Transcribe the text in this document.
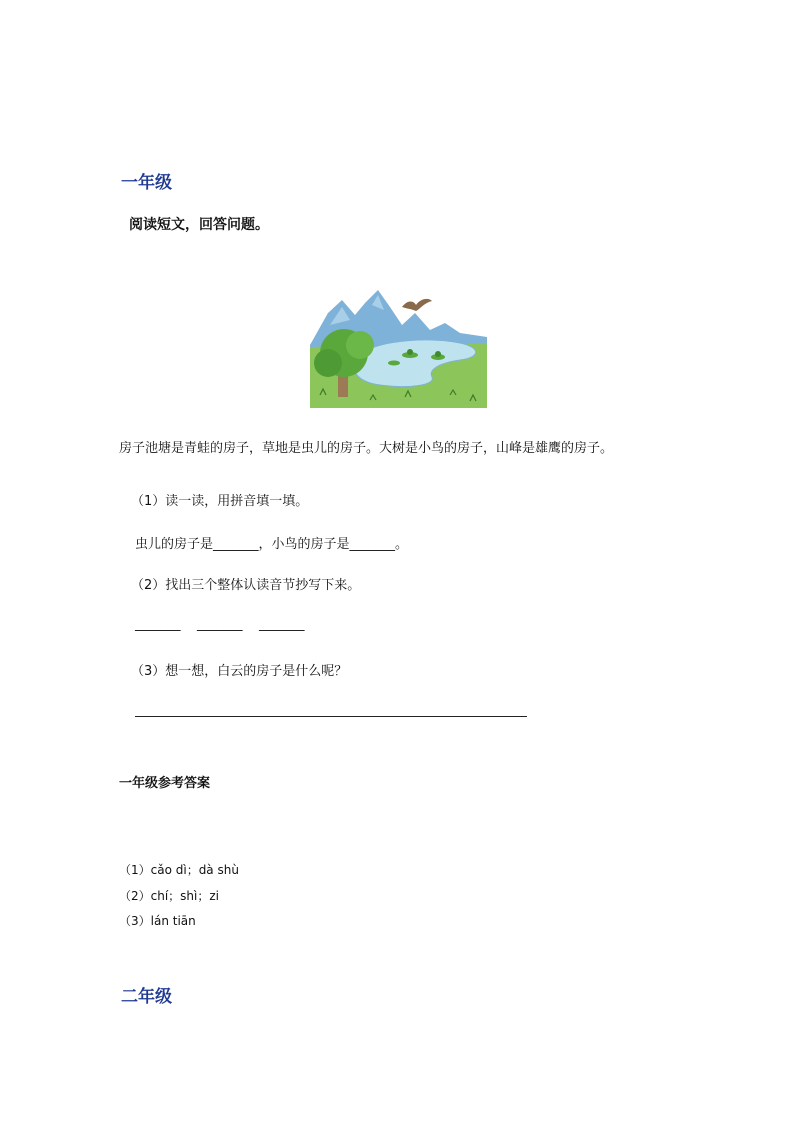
一年级

阅读短文，回答问题。

房子池塘是青蛙的房子，草地是虫儿的房子。大树是小鸟的房子，山峰是雄鹰的房子。

（1）读一读，用拼音填一填。

虫儿的房子是_______，小鸟的房子是_______。

（2）找出三个整体认读音节抄写下来。

_______    _______    _______

（3）想一想，白云的房子是什么呢？

一年级参考答案

（1）cǎo dì；dà shù

（2）chí；shì；zi

（3）lán tiān

二年级
